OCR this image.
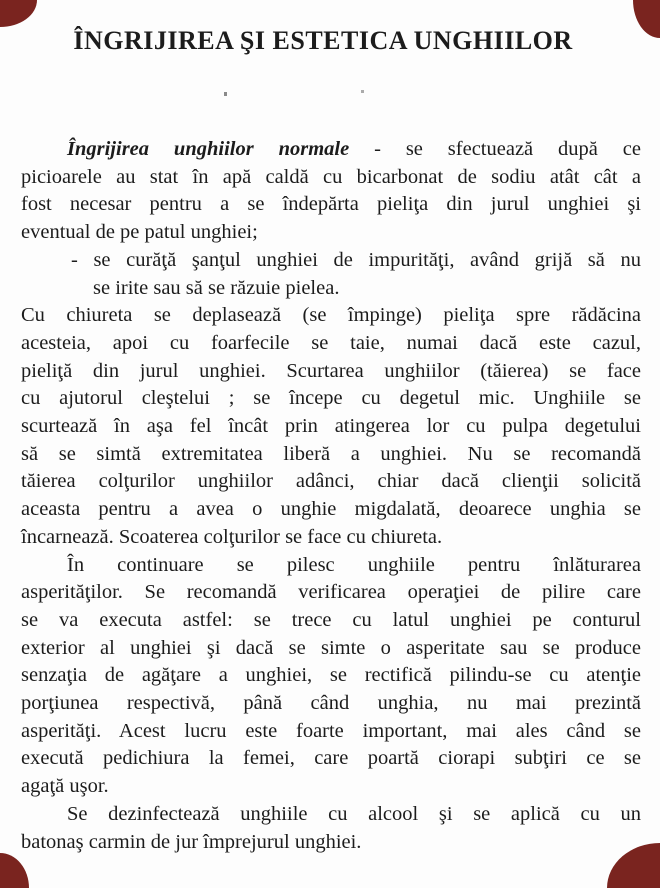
ÎNGRIJIREA ŞI ESTETICA UNGHIILOR
Îngrijirea unghiilor normale - se sfectuează după ce
picioarele au stat în apă caldă cu bicarbonat de sodiu atât cât a
fost necesar pentru a se îndepărta pieliţa din jurul unghiei şi
eventual de pe patul unghiei;
- se curăţă şanţul unghiei de impurităţi, având grijă să nu
se irite sau să se răzuie pielea.
Cu chiureta se deplasează (se împinge) pieliţa spre rădăcina
acesteia, apoi cu foarfecile se taie, numai dacă este cazul,
pieliţă din jurul unghiei. Scurtarea unghiilor (tăierea) se face
cu ajutorul cleştelui ; se începe cu degetul mic. Unghiile se
scurtează în aşa fel încât prin atingerea lor cu pulpa degetului
să se simtă extremitatea liberă a unghiei. Nu se recomandă
tăierea colţurilor unghiilor adânci, chiar dacă clienţii solicită
aceasta pentru a avea o unghie migdalată, deoarece unghia se
încarnează. Scoaterea colţurilor se face cu chiureta.
În continuare se pilesc unghiile pentru înlăturarea
asperităţilor. Se recomandă verificarea operaţiei de pilire care
se va executa astfel: se trece cu latul unghiei pe conturul
exterior al unghiei şi dacă se simte o asperitate sau se produce
senzaţia de agăţare a unghiei, se rectifică pilindu-se cu atenţie
porţiunea respectivă, până când unghia, nu mai prezintă
asperităţi. Acest lucru este foarte important, mai ales când se
execută pedichiura la femei, care poartă ciorapi subţiri ce se
agaţă uşor.
Se dezinfectează unghiile cu alcool şi se aplică cu un
batonaş carmin de jur împrejurul unghiei.
